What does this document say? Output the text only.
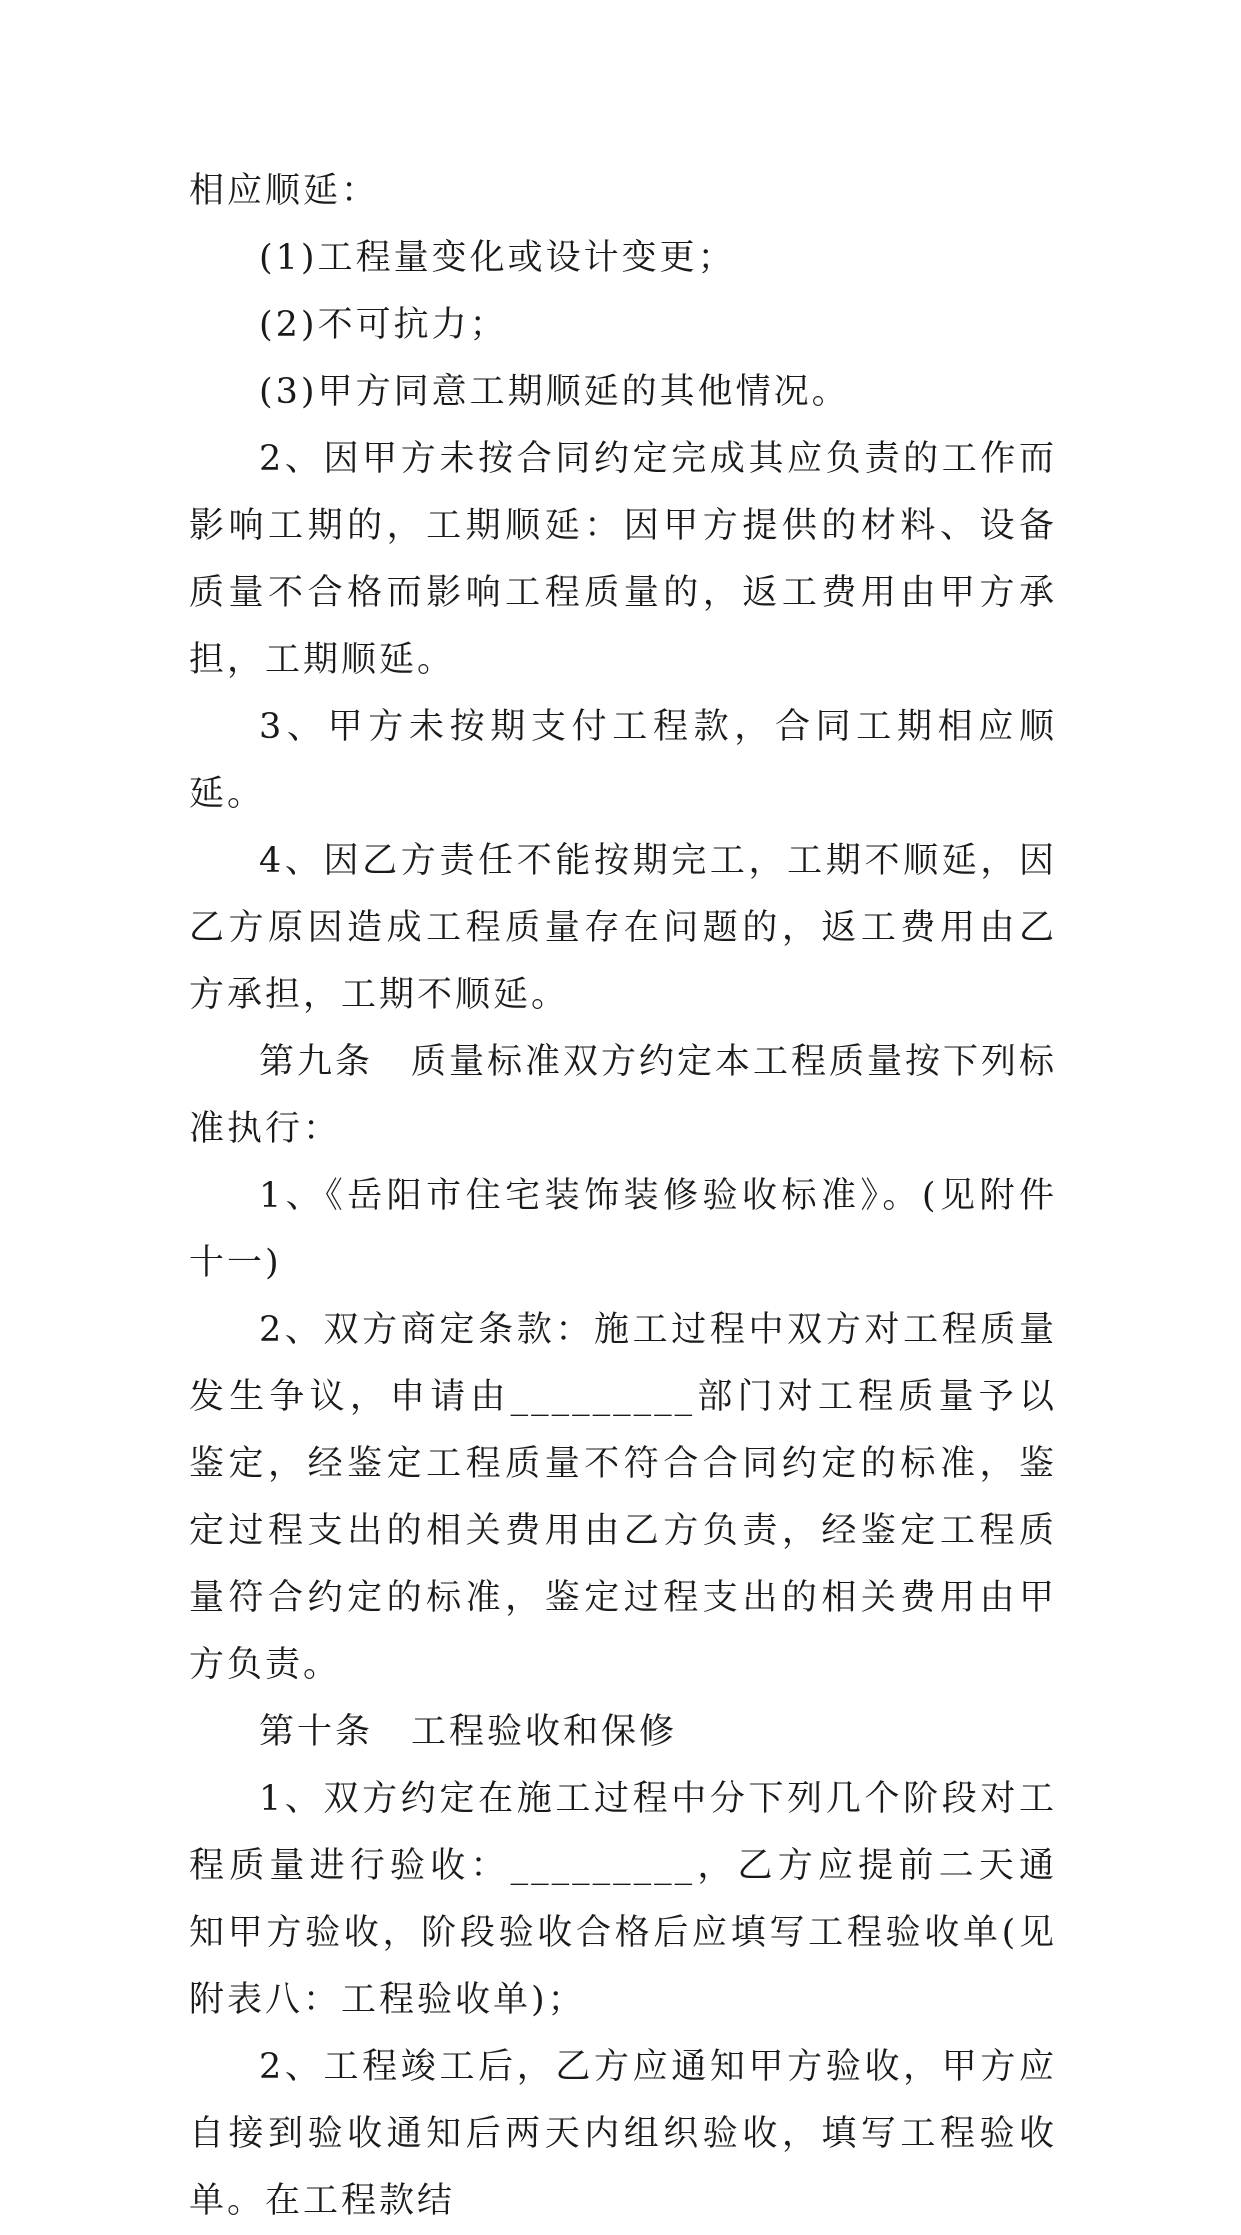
相应顺延：

(1)工程量变化或设计变更；

(2)不可抗力；

(3)甲方同意工期顺延的其他情况。

2、因甲方未按合同约定完成其应负责的工作而影响工期的，工期顺延：因甲方提供的材料、设备质量不合格而影响工程质量的，返工费用由甲方承担，工期顺延。

3、甲方未按期支付工程款，合同工期相应顺延。

4、因乙方责任不能按期完工，工期不顺延，因乙方原因造成工程质量存在问题的，返工费用由乙方承担，工期不顺延。

第九条　质量标准双方约定本工程质量按下列标准执行：

1、《岳阳市住宅装饰装修验收标准》。(见附件十一)

2、双方商定条款：施工过程中双方对工程质量发生争议，申请由_________部门对工程质量予以鉴定，经鉴定工程质量不符合合同约定的标准，鉴定过程支出的相关费用由乙方负责，经鉴定工程质量符合约定的标准，鉴定过程支出的相关费用由甲方负责。

第十条　工程验收和保修

1、双方约定在施工过程中分下列几个阶段对工程质量进行验收：_________，乙方应提前二天通知甲方验收，阶段验收合格后应填写工程验收单(见附表八：工程验收单)；

2、工程竣工后，乙方应通知甲方验收，甲方应自接到验收通知后两天内组织验收，填写工程验收单。在工程款结
